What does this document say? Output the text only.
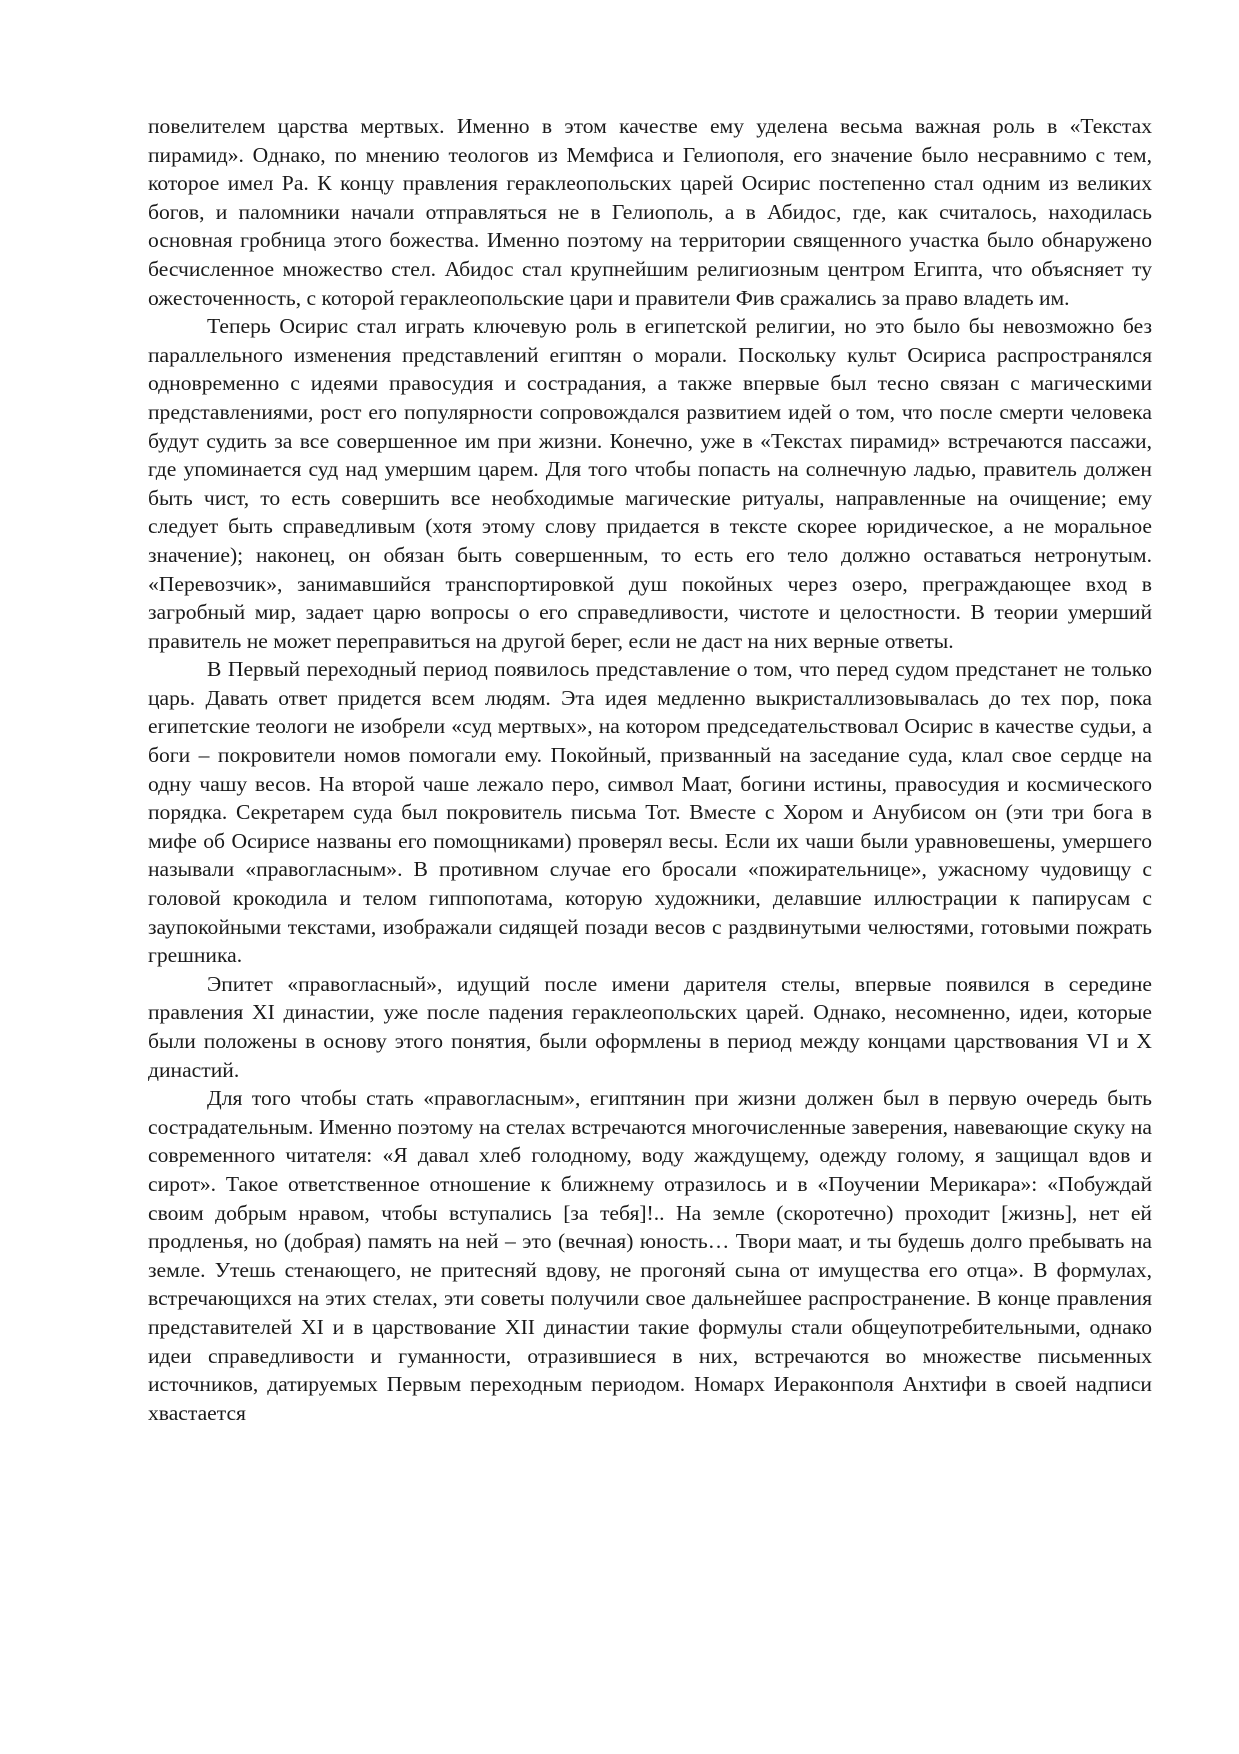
повелителем царства мертвых. Именно в этом качестве ему уделена весьма важная роль в «Текстах пирамид». Однако, по мнению теологов из Мемфиса и Гелиополя, его значение было несравнимо с тем, которое имел Ра. К концу правления гераклеопольских царей Осирис постепенно стал одним из великих богов, и паломники начали отправляться не в Гелиополь, а в Абидос, где, как считалось, находилась основная гробница этого божества. Именно поэтому на территории священного участка было обнаружено бесчисленное множество стел. Абидос стал крупнейшим религиозным центром Египта, что объясняет ту ожесточенность, с которой гераклеопольские цари и правители Фив сражались за право владеть им.

Теперь Осирис стал играть ключевую роль в египетской религии, но это было бы невозможно без параллельного изменения представлений египтян о морали. Поскольку культ Осириса распространялся одновременно с идеями правосудия и сострадания, а также впервые был тесно связан с магическими представлениями, рост его популярности сопровождался развитием идей о том, что после смерти человека будут судить за все совершенное им при жизни. Конечно, уже в «Текстах пирамид» встречаются пассажи, где упоминается суд над умершим царем. Для того чтобы попасть на солнечную ладью, правитель должен быть чист, то есть совершить все необходимые магические ритуалы, направленные на очищение; ему следует быть справедливым (хотя этому слову придается в тексте скорее юридическое, а не моральное значение); наконец, он обязан быть совершенным, то есть его тело должно оставаться нетронутым. «Перевозчик», занимавшийся транспортировкой душ покойных через озеро, преграждающее вход в загробный мир, задает царю вопросы о его справедливости, чистоте и целостности. В теории умерший правитель не может переправиться на другой берег, если не даст на них верные ответы.

В Первый переходный период появилось представление о том, что перед судом предстанет не только царь. Давать ответ придется всем людям. Эта идея медленно выкристаллизовывалась до тех пор, пока египетские теологи не изобрели «суд мертвых», на котором председательствовал Осирис в качестве судьи, а боги – покровители номов помогали ему. Покойный, призванный на заседание суда, клал свое сердце на одну чашу весов. На второй чаше лежало перо, символ Маат, богини истины, правосудия и космического порядка. Секретарем суда был покровитель письма Тот. Вместе с Хором и Анубисом он (эти три бога в мифе об Осирисе названы его помощниками) проверял весы. Если их чаши были уравновешены, умершего называли «правогласным». В противном случае его бросали «пожирательнице», ужасному чудовищу с головой крокодила и телом гиппопотама, которую художники, делавшие иллюстрации к папирусам с заупокойными текстами, изображали сидящей позади весов с раздвинутыми челюстями, готовыми пожрать грешника.

Эпитет «правогласный», идущий после имени дарителя стелы, впервые появился в середине правления XI династии, уже после падения гераклеопольских царей. Однако, несомненно, идеи, которые были положены в основу этого понятия, были оформлены в период между концами царствования VI и X династий.

Для того чтобы стать «правогласным», египтянин при жизни должен был в первую очередь быть сострадательным. Именно поэтому на стелах встречаются многочисленные заверения, навевающие скуку на современного читателя: «Я давал хлеб голодному, воду жаждущему, одежду голому, я защищал вдов и сирот». Такое ответственное отношение к ближнему отразилось и в «Поучении Мерикара»: «Побуждай своим добрым нравом, чтобы вступались [за тебя]!.. На земле (скоротечно) проходит [жизнь], нет ей продленья, но (добрая) память на ней – это (вечная) юность… Твори маат, и ты будешь долго пребывать на земле. Утешь стенающего, не притесняй вдову, не прогоняй сына от имущества его отца». В формулах, встречающихся на этих стелах, эти советы получили свое дальнейшее распространение. В конце правления представителей XI и в царствование XII династии такие формулы стали общеупотребительными, однако идеи справедливости и гуманности, отразившиеся в них, встречаются во множестве письменных источников, датируемых Первым переходным периодом. Номарх Иераконполя Анхтифи в своей надписи хвастается
